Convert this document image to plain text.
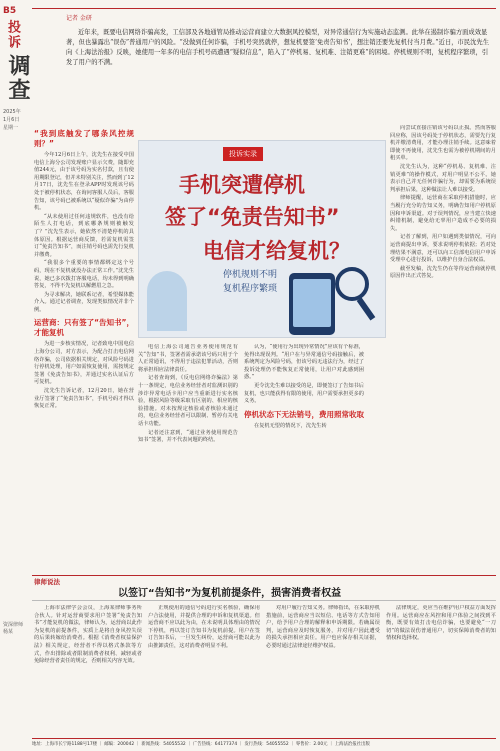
B5
投诉
调查
2025年
1月6日
星期一
记者 金研
近年来，既要电信网络诈骗高发，工信部及各地通管局推动运营商建立大数据风控模型，对异常通信行为实施动态监测。此举在遏制诈骗方面成效显著，但也暴露出“误伤”普通用户的风险。“没做到任何诈骗，手机号突然就停，想复机要签‘免责告知书’，想注销还要先复机付当月费。”近日，市民沈先生向《上海法治报》反映，她使用一年多的电信手机号码遭遇“疑似信息”，陷入了“停机易、复机难、注销更难”的困境。停机规则不明，复机程序繁琐，引发了用户的不满。
“我到底触发了哪条风控规则？”

今年12月6日上午，沈先生在接受中国电信上海分公司发现账户显示欠费，随即充值244元，由于该号码为实名付款，且有使用期限登记，但并未特别关注，然而到了12月17日，沈先生在登录APP时发现该号码处于被停机状态，在询问客服人员后，客服告知，该号码已被系统以“疑似诈骗”为由停机。

“从未使用过任何违规软件，也没有给陌生人打电话，到底哪条规则被触发了？”沈先生表示，她依然不清楚停机的具体原因。根据运营商反馈，若需复机需签订“免责告知书”，而注销号码也需先行复机并缴费。

“我很多个重要的事情都绑定这个号码，现在不复机就没办法正常工作。”沈先生说，她已多次拨打客服电话，均未得到明确答复，不得不先复机以解燃眉之急。

为寻求解决，她联系记者，希望媒体能介入。通过记者调查，发现类似情况并非个例。

运营商：只有签了“告知书”，才能复机

为进一步核实情况，记者致电中国电信上海分公司，对方表示，为配合打击电信网络诈骗，公司依据相关规定，对风险号码进行停机处理，用户如需恢复使用，需按规定签署《免责告知书》，并通过实名认证后方可复机。

沈先生告诉记者，12月20日，她在营业厅签署了“免责告知书”，手机号码才得以恢复正常。

投诉实录
手机突遭停机
签了“免责告知书”
电信才给复机？
停机规则不明
复机程序繁琐

电信上海公司通告业务使用规范有关“告知”书，签署者需承诺该号码只用于个人正常通讯，不得用于违法犯罪活动，否则将承担相应法律责任。

记者查询到，《反电信网络诈骗法》第十一条规定，电信业务经营者对监测识别的涉诈异常电话卡用户应当重新进行实名核验，根据风险等级采取有区别的、相应的核验措施。对未按规定核验或者核验未通过的，电信业务经营者可以限制、暂停有关电话卡功能。

记者还注意到，“通过业务使用规范告知书”签署，并不代表问题的终结。

认为，“使用行为出现异常情况”应该有个标准，免得出现误判。“用户在与异常通信号码接触后，被系统判定为风险号码，但该号码无违法行为，经过了投诉处理仍不能恢复正常使用，让用户对此感到困惑。”

更令沈先生难以接受的是，即便签订了告知书后复机，也只能获得有限的使用，用户需要承担更多的义务。

停机状态下无法销号，费用照常收取

在复机无望的情况下，沈先生转

向尝试直接注销该号码以止损。然而客服回应称，因该号码处于停机状态，需要先行复机并缴清费用，才能办理注销手续。这意味着即使不再使用，沈先生也需为被停机期间的月租买单。

沈先生认为，这种“停机易、复机难、注销更难”的操作模式，对用户明显不公平。她表示自己并无任何诈骗行为，却需要为系统误判承担后果，这种做法让人难以接受。

律师提醒，运营商在采取停机措施时，应当履行充分的告知义务，明确告知用户停机原因和申诉渠道。对于误判情况，应当建立快速纠错机制，避免给无辜用户造成不必要的损失。

记者了解到，用户如遇到类似情况，可向运营商提出申诉，要求说明停机依据；若对处理结果不满意，还可以向工信部电信用户申诉受理中心进行投诉，以维护自身合法权益。

截至发稿，沈先生仍在等待运营商就停机原因作出正式答复。

律师说法
以签订“告知书”为复机前提条件，损害消费者权益
资深律师 杨某

上海市法律学会会员，上海某律师事务所合伙人。针对运营商要求用户签署“免责告知书”才能复机的做法，律师认为，运营商以此作为复机的前提条件，实质上是将自身风控失误的后果转嫁给消费者。根据《消费者权益保护法》相关规定，经营者不得以格式条款等方式，作出排除或者限制消费者权利、减轻或者免除经营者责任的规定，否则相关内容无效。

正规使用的通信号码进行实名核验，确保用户合法使用，并提供合理的申诉和复机渠道。但运营商不应以此为由，在未说明具体理由的情况下停机，再以签订告知书为复机前提。用户在签订告知书后，一旦发生纠纷，运营商可能以此为由推卸责任，这对消费者明显不利。

对用户履行告知义务。律师指出，在采取停机措施前，运营商应当以短信、电话等方式告知用户，给予用户合理的解释和申诉期限。若确属误判，运营商应及时恢复服务，并对用户因此遭受的损失承担相应责任。用户也应保存相关证据，必要时通过法律途径维护权益。

法律规定，更应当在维护用户权益方面发挥作用。运营商应在风控和用户体验之间找到平衡，既要有效打击电信诈骗，也要避免“一刀切”的做法误伤普通用户，切实保障消费者的知情权和选择权。

地址：上海市长宁路1188号17楼 ｜ 邮编：200042 ｜ 新闻热线：54055532 ｜ 广告热线：64177374 ｜ 发行热线：54055552 ｜ 零售价：2.00元 ｜ 上海法治报社出版
